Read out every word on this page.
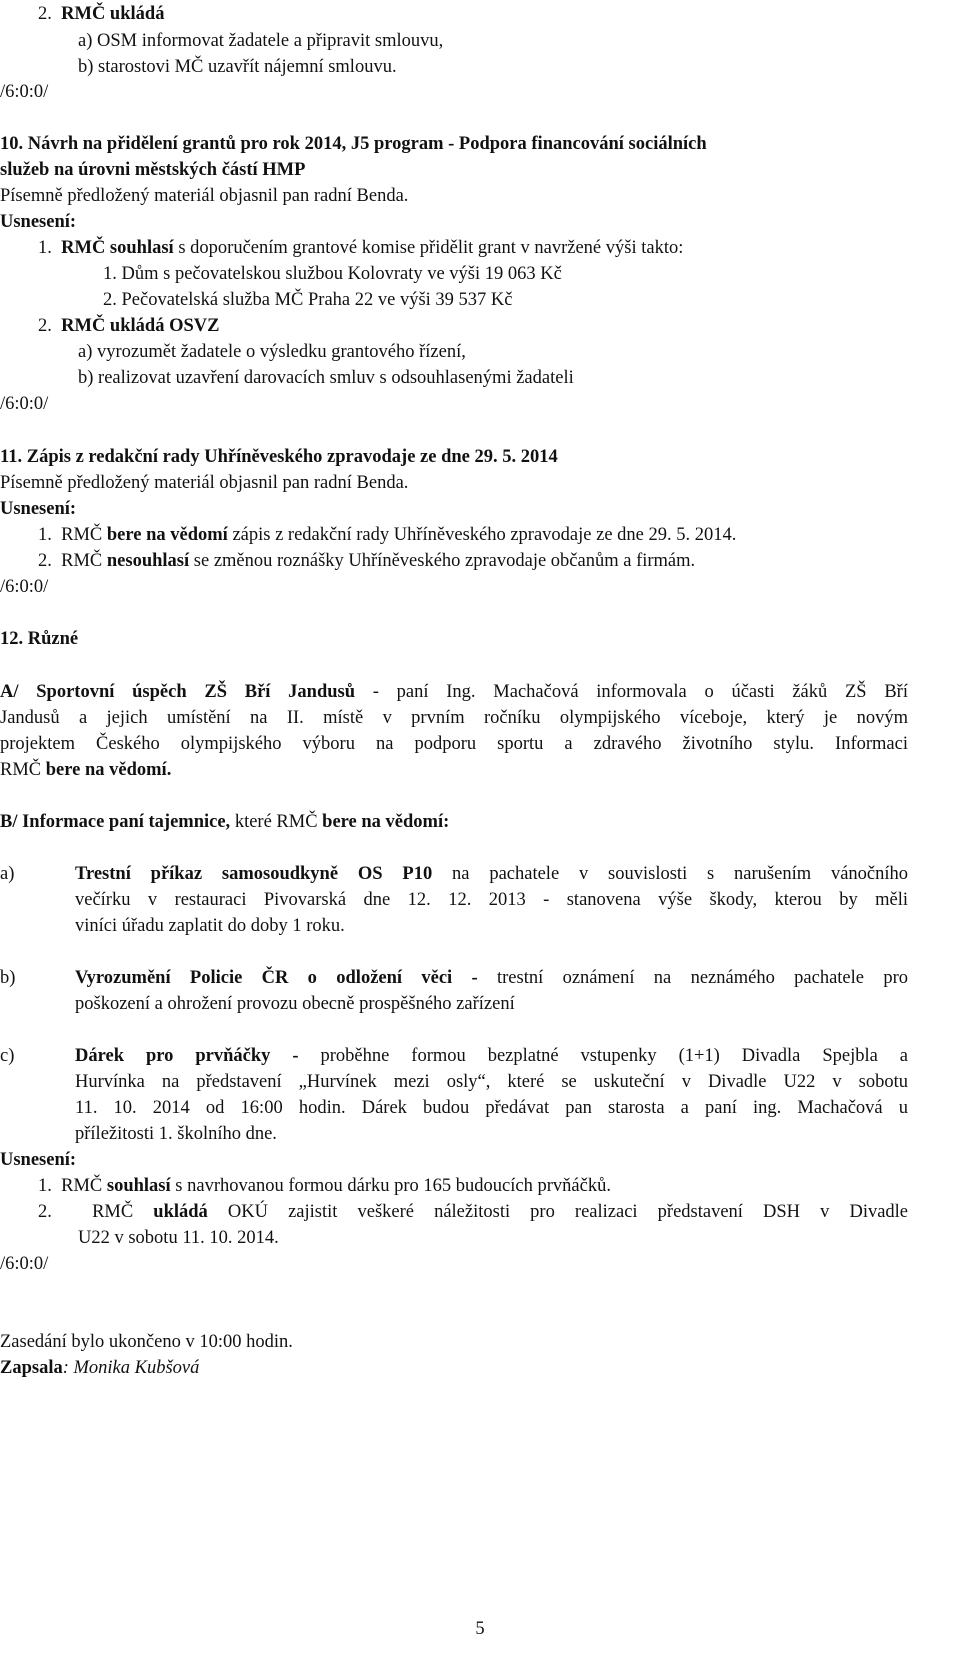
2. RMČ ukládá
a) OSM informovat žadatele a připravit smlouvu,
b) starostovi MČ uzavřít nájemní smlouvu.
/6:0:0/
10. Návrh na přidělení grantů pro rok 2014, J5 program - Podpora financování sociálních
služeb na úrovni městských částí HMP
Písemně předložený materiál objasnil pan radní Benda.
Usnesení:
1. RMČ souhlasí s doporučením grantové komise přidělit grant v navržené výši takto:
1. Dům s pečovatelskou službou Kolovraty ve výši 19 063 Kč
2. Pečovatelská služba MČ Praha 22 ve výši 39 537 Kč
2. RMČ ukládá OSVZ
a) vyrozumět žadatele o výsledku grantového řízení,
b) realizovat uzavření darovacích smluv s odsouhlasenými žadateli
/6:0:0/
11. Zápis z redakční rady Uhříněveského zpravodaje ze dne 29. 5. 2014
Písemně předložený materiál objasnil pan radní Benda.
Usnesení:
1. RMČ bere na vědomí zápis z redakční rady Uhříněveského zpravodaje ze dne 29. 5. 2014.
2. RMČ nesouhlasí se změnou roznášky Uhříněveského zpravodaje občanům a firmám.
/6:0:0/
12. Různé
A/ Sportovní úspěch ZŠ Bří Jandusů - paní Ing. Machačová informovala o účasti žáků ZŠ Bří
Jandusů a jejich umístění na II. místě v prvním ročníku olympijského víceboje, který je novým
projektem Českého olympijského výboru na podporu sportu a zdravého životního stylu. Informaci
RMČ bere na vědomí.
B/ Informace paní tajemnice, které RMČ bere na vědomí:
a)	Trestní příkaz samosoudkyně OS P10 na pachatele v souvislosti s narušením vánočního
večírku v restauraci Pivovarská dne 12. 12. 2013 - stanovena výše škody, kterou by měli
viníci úřadu zaplatit do doby 1 roku.
b)	Vyrozumění Policie ČR o odložení věci - trestní oznámení na neznámého pachatele pro
poškození a ohrožení provozu obecně prospěšného zařízení
c)	Dárek pro prvňáčky - proběhne formou bezplatné vstupenky (1+1) Divadla Spejbla a
Hurvínka na představení „Hurvínek mezi osly“, které se uskuteční v Divadle U22 v sobotu
11. 10. 2014 od 16:00 hodin. Dárek budou předávat pan starosta a paní ing. Machačová u
příležitosti 1. školního dne.
Usnesení:
1. RMČ souhlasí s navrhovanou formou dárku pro 165 budoucích prvňáčků.
2. RMČ ukládá OKÚ zajistit veškeré náležitosti pro realizaci představení DSH v Divadle
U22 v sobotu 11. 10. 2014.
/6:0:0/
Zasedání bylo ukončeno v 10:00 hodin.
Zapsala: Monika Kubšová
5
